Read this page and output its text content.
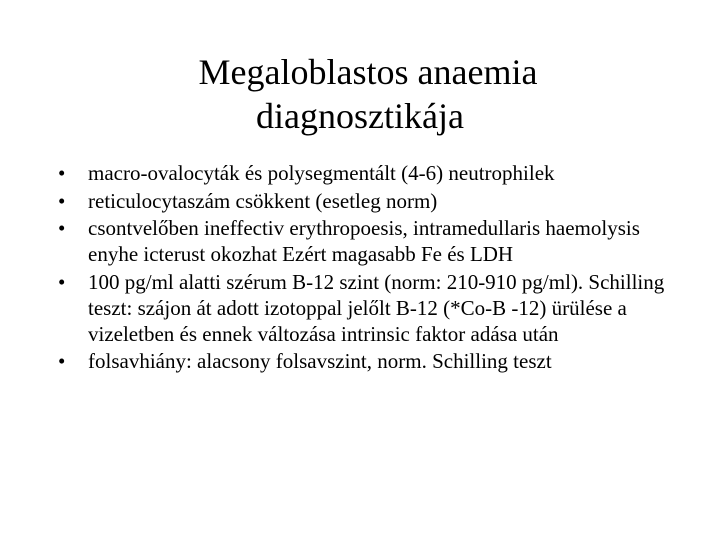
Megaloblastos anaemia
diagnosztikája
•	macro-ovalocyták és polysegmentált (4-6) neutrophilek
•	reticulocytaszám csökkent (esetleg norm)
•	csontvelőben ineffectiv erythropoesis, intramedullaris haemolysis enyhe icterust okozhat Ezért magasabb Fe és LDH
•	100 pg/ml alatti szérum B-12 szint (norm: 210-910 pg/ml). Schilling teszt: szájon át adott izotoppal jelőlt B-12 (*Co-B -12) ürülése a vizeletben és ennek változása intrinsic faktor adása után
•	folsavhiány: alacsony folsavszint, norm. Schilling teszt
